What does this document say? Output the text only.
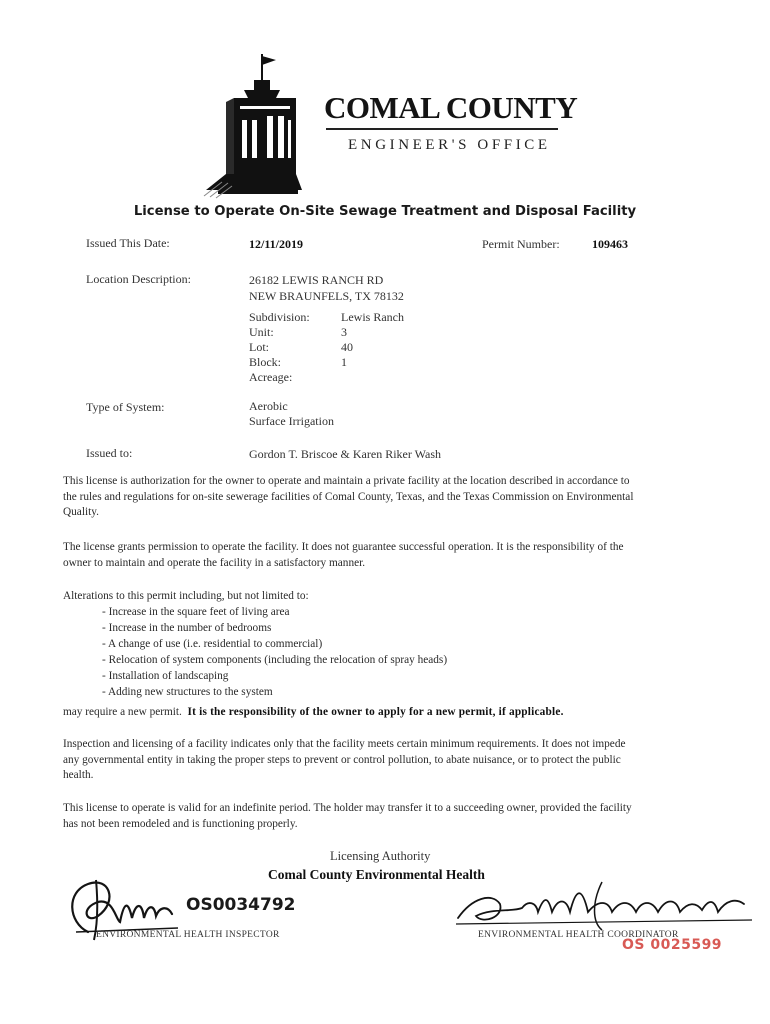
COMAL COUNTY
ENGINEER'S OFFICE
License to Operate On-Site Sewage Treatment and Disposal Facility
Issued This Date:	12/11/2019	Permit Number:	109463
Location Description:	26182 LEWIS RANCH RD
NEW BRAUNFELS, TX 78132
Subdivision:	Lewis Ranch
Unit:	3
Lot:	40
Block:	1
Acreage:
Type of System:	Aerobic
Surface Irrigation
Issued to:	Gordon T. Briscoe & Karen Riker Wash

This license is authorization for the owner to operate and maintain a private facility at the location described in accordance to the rules and regulations for on-site sewerage facilities of Comal County, Texas, and the Texas Commission on Environmental Quality.

The license grants permission to operate the facility. It does not guarantee successful operation. It is the responsibility of the owner to maintain and operate the facility in a satisfactory manner.

Alterations to this permit including, but not limited to:

- Increase in the square feet of living area
- Increase in the number of bedrooms
- A change of use (i.e. residential to commercial)
- Relocation of system components (including the relocation of spray heads)
- Installation of landscaping
- Adding new structures to the system

may require a new permit. It is the responsibility of the owner to apply for a new permit, if applicable.

Inspection and licensing of a facility indicates only that the facility meets certain minimum requirements. It does not impede any governmental entity in taking the proper steps to prevent or control pollution, to abate nuisance, or to protect the public health.

This license to operate is valid for an indefinite period. The holder may transfer it to a succeeding owner, provided the facility has not been remodeled and is functioning properly.

Licensing Authority
Comal County Environmental Health
OS0034792
ENVIRONMENTAL HEALTH INSPECTOR	ENVIRONMENTAL HEALTH COORDINATOR
OS 0025599
